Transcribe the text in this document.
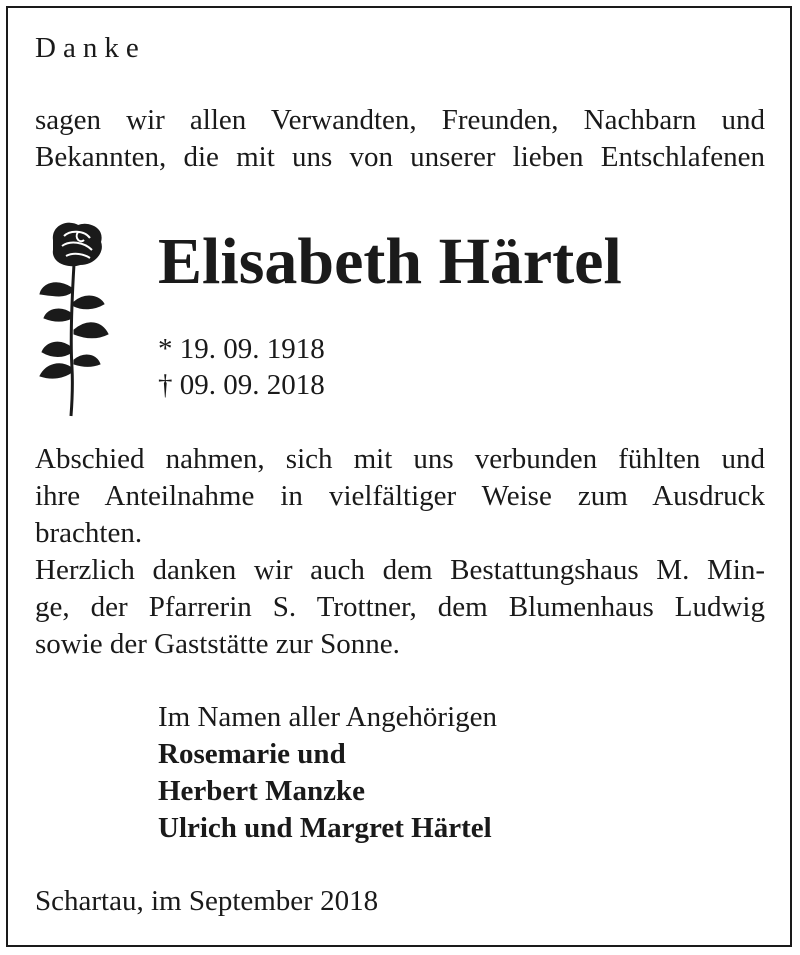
Danke
sagen wir allen Verwandten, Freunden, Nachbarn und
Bekannten, die mit uns von unserer lieben Entschlafenen
Elisabeth Härtel
* 19. 09. 1918
† 09. 09. 2018
Abschied nahmen, sich mit uns verbunden fühlten und
ihre Anteilnahme in vielfältiger Weise zum Ausdruck
brachten.
Herzlich danken wir auch dem Bestattungshaus M. Min-
ge, der Pfarrerin S. Trottner, dem Blumenhaus Ludwig
sowie der Gaststätte zur Sonne.
Im Namen aller Angehörigen
Rosemarie und
Herbert Manzke
Ulrich und Margret Härtel
Schartau, im September 2018
